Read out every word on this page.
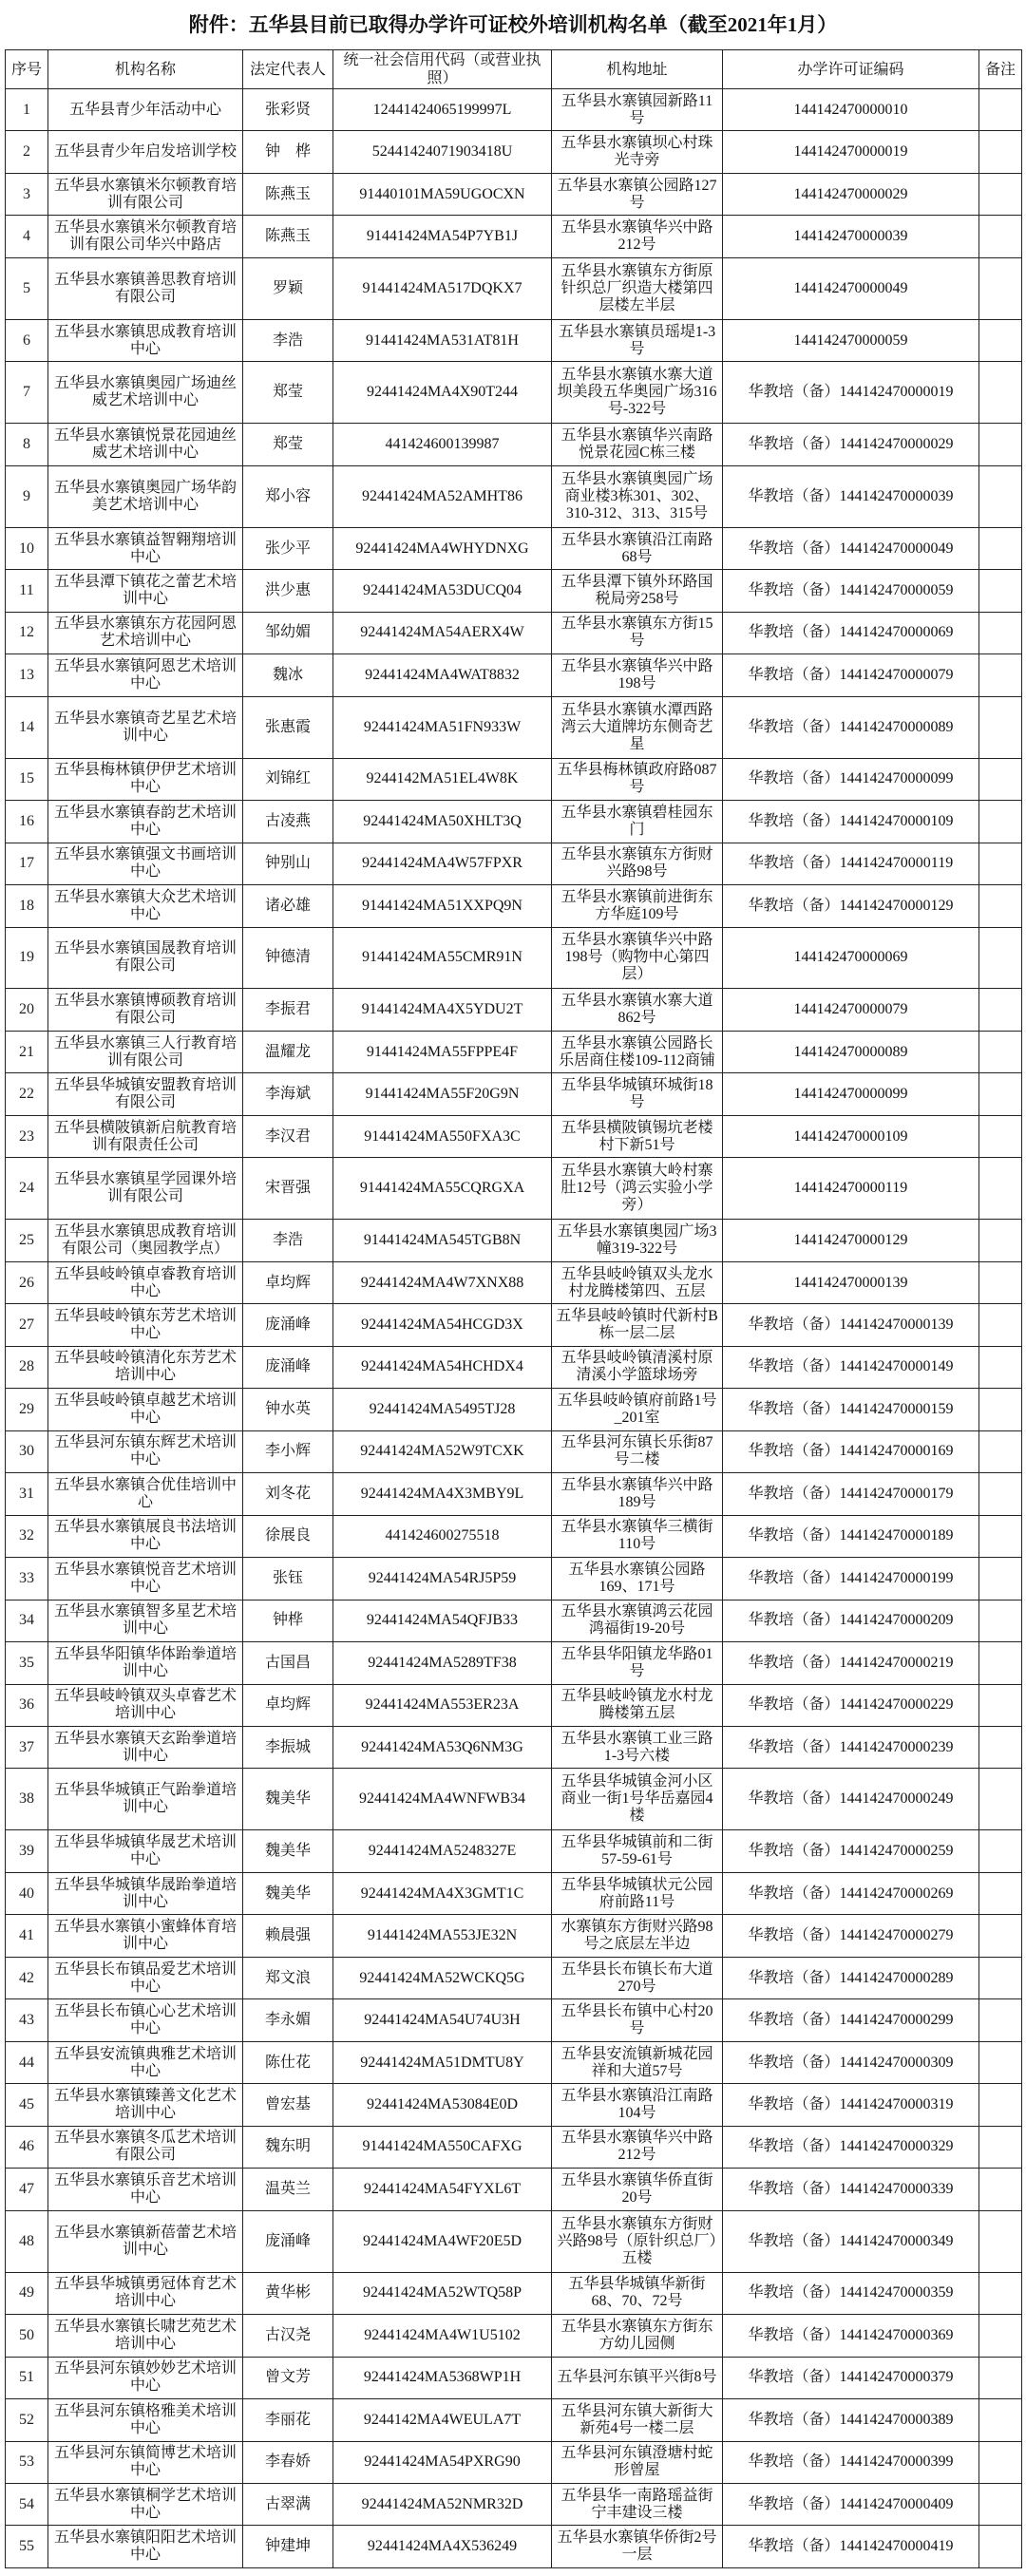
附件：五华县目前已取得办学许可证校外培训机构名单（截至2021年1月）
序号	机构名称	法定代表人	统一社会信用代码（或营业执照）	机构地址	办学许可证编码	备注
1	五华县青少年活动中心	张彩贤	12441424065199997L	五华县水寨镇园新路11号	144142470000010	
2	五华县青少年启发培训学校	钟　桦	52441424071903418U	五华县水寨镇坝心村珠光寺旁	144142470000019	
3	五华县水寨镇米尔顿教育培训有限公司	陈燕玉	91440101MA59UGOCXN	五华县水寨镇公园路127号	144142470000029	
4	五华县水寨镇米尔顿教育培训有限公司华兴中路店	陈燕玉	91441424MA54P7YB1J	五华县水寨镇华兴中路212号	144142470000039	
5	五华县水寨镇善思教育培训有限公司	罗颖	91441424MA517DQKX7	五华县水寨镇东方街原针织总厂织造大楼第四层楼左半层	144142470000049	
6	五华县水寨镇思成教育培训中心	李浩	91441424MA531AT81H	五华县水寨镇员瑶堤1-3号	144142470000059	
7	五华县水寨镇奥园广场迪丝威艺术培训中心	郑莹	92441424MA4X90T244	五华县水寨镇水寨大道坝美段五华奥园广场316号-322号	华教培（备）144142470000019	
8	五华县水寨镇悦景花园迪丝威艺术培训中心	郑莹	441424600139987	五华县水寨镇华兴南路悦景花园C栋三楼	华教培（备）144142470000029	
9	五华县水寨镇奥园广场华韵美艺术培训中心	郑小容	92441424MA52AMHT86	五华县水寨镇奥园广场商业楼3栋301、302、310-312、313、315号	华教培（备）144142470000039	
10	五华县水寨镇益智翱翔培训中心	张少平	92441424MA4WHYDNXG	五华县水寨镇沿江南路68号	华教培（备）144142470000049	
11	五华县潭下镇花之蕾艺术培训中心	洪少惠	92441424MA53DUCQ04	五华县潭下镇外环路国税局旁258号	华教培（备）144142470000059	
12	五华县水寨镇东方花园阿恩艺术培训中心	邹幼媚	92441424MA54AERX4W	五华县水寨镇东方街15号	华教培（备）144142470000069	
13	五华县水寨镇阿恩艺术培训中心	魏冰	92441424MA4WAT8832	五华县水寨镇华兴中路198号	华教培（备）144142470000079	
14	五华县水寨镇奇艺星艺术培训中心	张惠霞	92441424MA51FN933W	五华县水寨镇水潭西路湾云大道牌坊东侧奇艺星	华教培（备）144142470000089	
15	五华县梅林镇伊伊艺术培训中心	刘锦红	9244142MA51EL4W8K	五华县梅林镇政府路087号	华教培（备）144142470000099	
16	五华县水寨镇春韵艺术培训中心	古凌燕	92441424MA50XHLT3Q	五华县水寨镇碧桂园东门	华教培（备）144142470000109	
17	五华县水寨镇强文书画培训中心	钟别山	92441424MA4W57FPXR	五华县水寨镇东方街财兴路98号	华教培（备）144142470000119	
18	五华县水寨镇大众艺术培训中心	诸必雄	91441424MA51XXPQ9N	五华县水寨镇前进街东方华庭109号	华教培（备）144142470000129	
19	五华县水寨镇国晟教育培训有限公司	钟德清	91441424MA55CMR91N	五华县水寨镇华兴中路198号（购物中心第四层）	144142470000069	
20	五华县水寨镇博硕教育培训有限公司	李振君	91441424MA4X5YDU2T	五华县水寨镇水寨大道862号	144142470000079	
21	五华县水寨镇三人行教育培训有限公司	温耀龙	91441424MA55FPPE4F	五华县水寨镇公园路长乐居商住楼109-112商铺	144142470000089	
22	五华县华城镇安盟教育培训有限公司	李海斌	91441424MA55F20G9N	五华县华城镇环城街18号	144142470000099	
23	五华县横陂镇新启航教育培训有限责任公司	李汉君	91441424MA550FXA3C	五华县横陂镇锡坑老楼村下新51号	144142470000109	
24	五华县水寨镇星学园课外培训有限公司	宋晋强	91441424MA55CQRGXA	五华县水寨镇大岭村寨肚12号（鸿云实验小学旁）	144142470000119	
25	五华县水寨镇思成教育培训有限公司（奥园教学点）	李浩	91441424MA545TGB8N	五华县水寨镇奥园广场3幢319-322号	144142470000129	
26	五华县岐岭镇卓睿教育培训中心	卓均辉	92441424MA4W7XNX88	五华县岐岭镇双头龙水村龙腾楼第四、五层	144142470000139	
27	五华县岐岭镇东芳艺术培训中心	庞涌峰	92441424MA54HCGD3X	五华县岐岭镇时代新村B栋一层二层	华教培（备）144142470000139	
28	五华县岐岭镇清化东芳艺术培训中心	庞涌峰	92441424MA54HCHDX4	五华县岐岭镇清溪村原清溪小学篮球场旁	华教培（备）144142470000149	
29	五华县岐岭镇卓越艺术培训中心	钟水英	92441424MA5495TJ28	五华县岐岭镇府前路1号_201室	华教培（备）144142470000159	
30	五华县河东镇东辉艺术培训中心	李小辉	92441424MA52W9TCXK	五华县河东镇长乐街87号二楼	华教培（备）144142470000169	
31	五华县水寨镇合优佳培训中心	刘冬花	92441424MA4X3MBY9L	五华县水寨镇华兴中路189号	华教培（备）144142470000179	
32	五华县水寨镇展良书法培训中心	徐展良	441424600275518	五华县水寨镇华三横街110号	华教培（备）144142470000189	
33	五华县水寨镇悦音艺术培训中心	张钰	92441424MA54RJ5P59	五华县水寨镇公园路169、171号	华教培（备）144142470000199	
34	五华县水寨镇智多星艺术培训中心	钟桦	92441424MA54QFJB33	五华县水寨镇鸿云花园鸿福街19-20号	华教培（备）144142470000209	
35	五华县华阳镇华体跆拳道培训中心	古国昌	92441424MA5289TF38	五华县华阳镇龙华路01号	华教培（备）144142470000219	
36	五华县岐岭镇双头卓睿艺术培训中心	卓均辉	92441424MA553ER23A	五华县岐岭镇龙水村龙腾楼第五层	华教培（备）144142470000229	
37	五华县水寨镇天玄跆拳道培训中心	李振城	92441424MA53Q6NM3G	五华县水寨镇工业三路1-3号六楼	华教培（备）144142470000239	
38	五华县华城镇正气跆拳道培训中心	魏美华	92441424MA4WNFWB34	五华县华城镇金河小区商业一街1号华岳嘉园4楼	华教培（备）144142470000249	
39	五华县华城镇华晟艺术培训中心	魏美华	92441424MA5248327E	五华县华城镇前和二街57-59-61号	华教培（备）144142470000259	
40	五华县华城镇华晟跆拳道培训中心	魏美华	92441424MA4X3GMT1C	五华县华城镇状元公园府前路11号	华教培（备）144142470000269	
41	五华县水寨镇小蜜蜂体育培训中心	赖晨强	91441424MA553JE32N	水寨镇东方街财兴路98号之底层左半边	华教培（备）144142470000279	
42	五华县长布镇品爱艺术培训中心	郑文浪	92441424MA52WCKQ5G	五华县长布镇长布大道270号	华教培（备）144142470000289	
43	五华县长布镇心心艺术培训中心	李永媚	92441424MA54U74U3H	五华县长布镇中心村20号	华教培（备）144142470000299	
44	五华县安流镇典雅艺术培训中心	陈仕花	92441424MA51DMTU8Y	五华县安流镇新城花园祥和大道57号	华教培（备）144142470000309	
45	五华县水寨镇臻善文化艺术培训中心	曾宏基	92441424MA53084E0D	五华县水寨镇沿江南路104号	华教培（备）144142470000319	
46	五华县水寨镇冬瓜艺术培训有限公司	魏东明	91441424MA550CAFXG	五华县水寨镇华兴中路212号	华教培（备）144142470000329	
47	五华县水寨镇乐音艺术培训中心	温英兰	92441424MA54FYXL6T	五华县水寨镇华侨直街20号	华教培（备）144142470000339	
48	五华县水寨镇新蓓蕾艺术培训中心	庞涌峰	92441424MA4WF20E5D	五华县水寨镇东方街财兴路98号（原针织总厂）五楼	华教培（备）144142470000349	
49	五华县华城镇勇冠体育艺术培训中心	黄华彬	92441424MA52WTQ58P	五华县华城镇华新街68、70、72号	华教培（备）144142470000359	
50	五华县水寨镇长啸艺苑艺术培训中心	古汉尧	92441424MA4W1U5102	五华县水寨镇东方街东方幼儿园侧	华教培（备）144142470000369	
51	五华县河东镇妙妙艺术培训中心	曾文芳	92441424MA5368WP1H	五华县河东镇平兴街8号	华教培（备）144142470000379	
52	五华县河东镇格雅美术培训中心	李丽花	9244142MA4WEULA7T	五华县河东镇大新街大新苑4号一楼二层	华教培（备）144142470000389	
53	五华县河东镇简博艺术培训中心	李春娇	92441424MA54PXRG90	五华县河东镇澄塘村蛇形曾屋	华教培（备）144142470000399	
54	五华县水寨镇桐学艺术培训中心	古翠满	92441424MA52NMR32D	五华县华一南路瑶益街宁丰建设三楼	华教培（备）144142470000409	
55	五华县水寨镇阳阳艺术培训中心	钟建坤	92441424MA4X536249	五华县水寨镇华侨街2号一层	华教培（备）144142470000419	
